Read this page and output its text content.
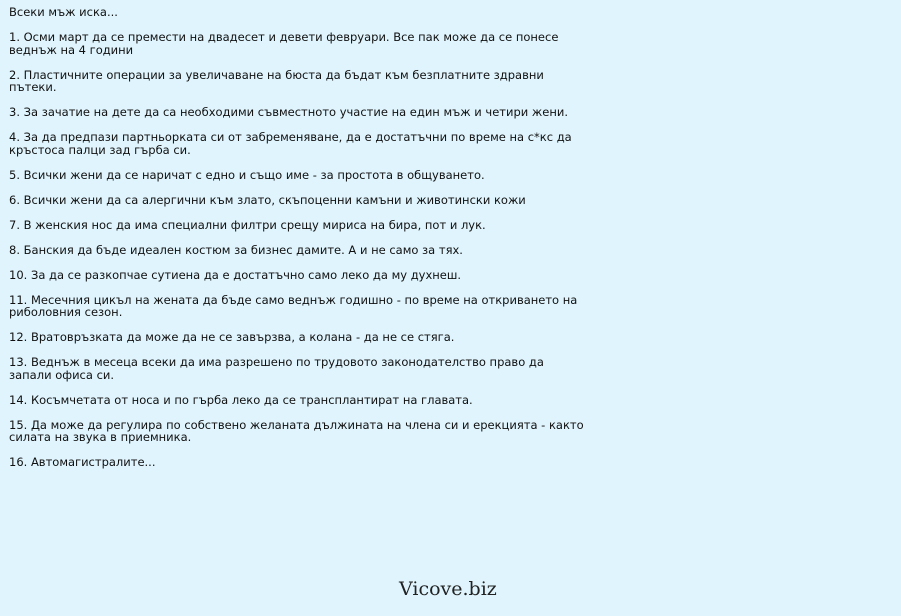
Всеки мъж иска...
1. Осми март да се премести на двадесет и девети февруари. Все пак може да се понесе веднъж на 4 години
2. Пластичните операции за увеличаване на бюста да бъдат към безплатните здравни пътеки.
3. За зачатие на дете да са необходими съвместното участие на един мъж и четири жени.
4. За да предпази партньорката си от забременяване, да е достатъчни по време на с*кс да кръстоса палци зад гърба си.
5. Всички жени да се наричат с едно и също име - за простота в общуването.
6. Всички жени да са алергични към злато, скъпоценни камъни и животински кожи
7. В женския нос да има специални филтри срещу мириса на бира, пот и лук.
8. Банския да бъде идеален костюм за бизнес дамите. А и не само за тях.
10. За да се разкопчае сутиена да е достатъчно само леко да му духнеш.
11. Месечния цикъл на жената да бъде само веднъж годишно - по време на откриването на риболовния сезон.
12. Вратовръзката да може да не се завързва, а колана - да не се стяга.
13. Веднъж в месеца всеки да има разрешено по трудовото законодателство право да запали офиса си.
14. Косъмчетата от носа и по гърба леко да се трансплантират на главата.
15. Да може да регулира по собствено желаната дължината на члена си и ерекцията - както силата на звука в приемника.
16. Автомагистралите...
Vicove.biz
